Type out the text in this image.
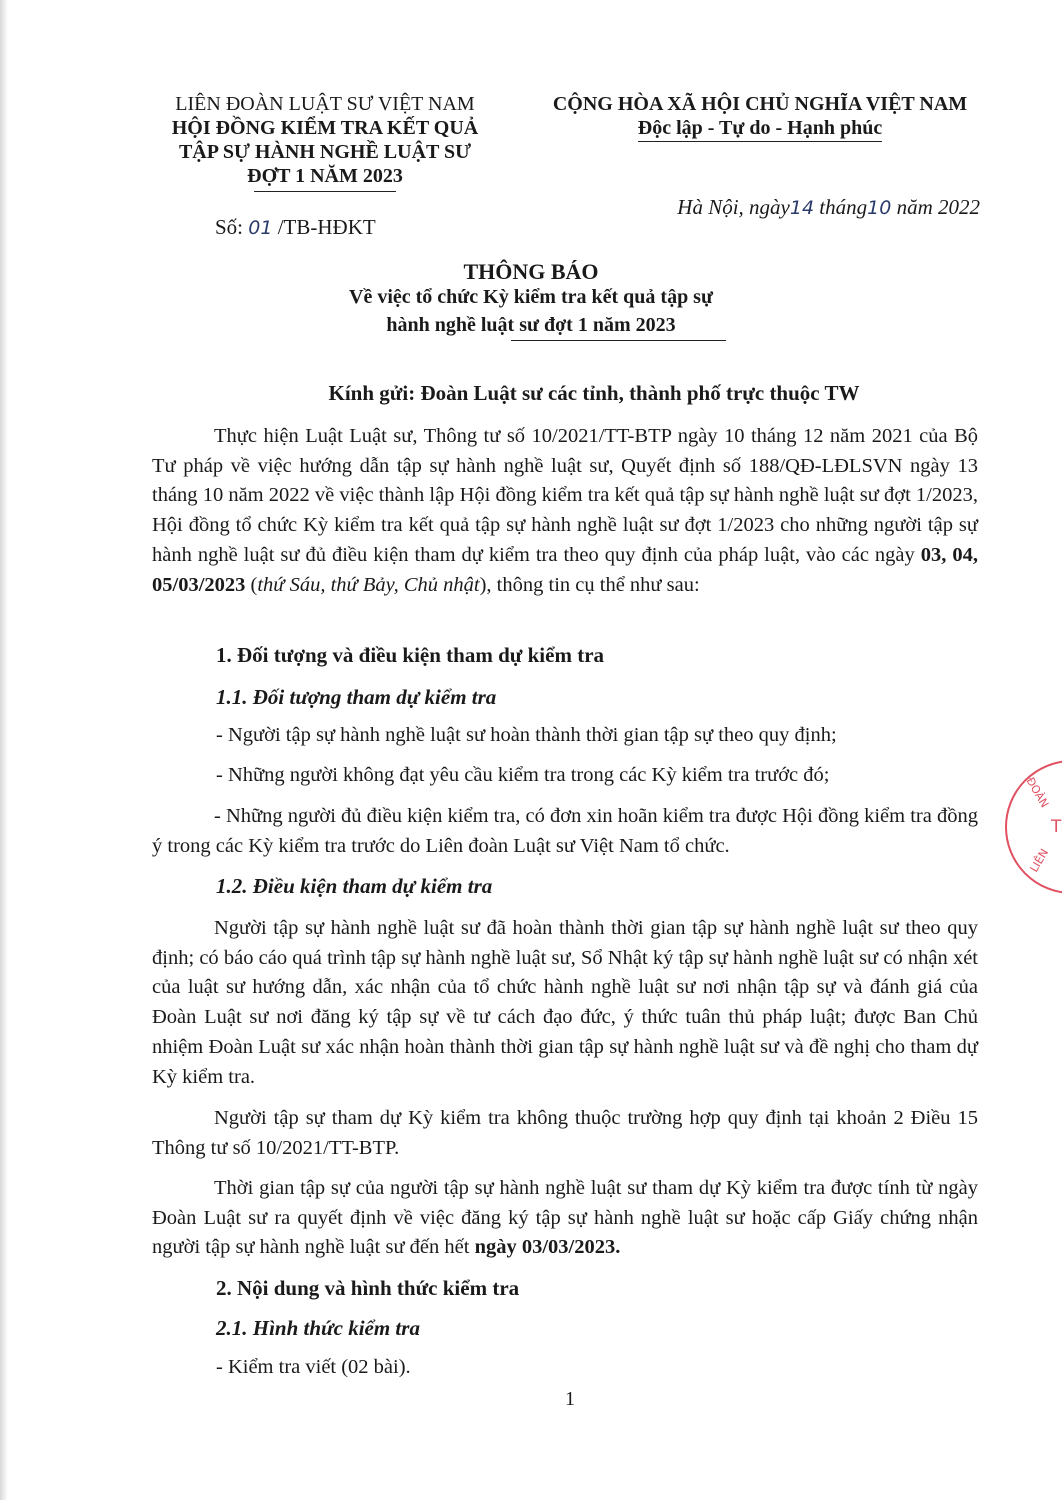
LIÊN ĐOÀN LUẬT SƯ VIỆT NAM
HỘI ĐỒNG KIỂM TRA KẾT QUẢ
TẬP SỰ HÀNH NGHỀ LUẬT SƯ
ĐỢT 1 NĂM 2023
CỘNG HÒA XÃ HỘI CHỦ NGHĨA VIỆT NAM
Độc lập - Tự do - Hạnh phúc
Hà Nội, ngày14 tháng10 năm 2022
Số: 01 /TB-HĐKT
THÔNG BÁO
Về việc tổ chức Kỳ kiểm tra kết quả tập sự
hành nghề luật sư đợt 1 năm 2023
Kính gửi: Đoàn Luật sư các tỉnh, thành phố trực thuộc TW

Thực hiện Luật Luật sư, Thông tư số 10/2021/TT-BTP ngày 10 tháng 12 năm 2021 của Bộ Tư pháp về việc hướng dẫn tập sự hành nghề luật sư, Quyết định số 188/QĐ-LĐLSVN ngày 13 tháng 10 năm 2022 về việc thành lập Hội đồng kiểm tra kết quả tập sự hành nghề luật sư đợt 1/2023, Hội đồng tổ chức Kỳ kiểm tra kết quả tập sự hành nghề luật sư đợt 1/2023 cho những người tập sự hành nghề luật sư đủ điều kiện tham dự kiểm tra theo quy định của pháp luật, vào các ngày 03, 04, 05/03/2023 (thứ Sáu, thứ Bảy, Chủ nhật), thông tin cụ thể như sau:

1. Đối tượng và điều kiện tham dự kiểm tra
1.1. Đối tượng tham dự kiểm tra
- Người tập sự hành nghề luật sư hoàn thành thời gian tập sự theo quy định;
- Những người không đạt yêu cầu kiểm tra trong các Kỳ kiểm tra trước đó;

- Những người đủ điều kiện kiểm tra, có đơn xin hoãn kiểm tra được Hội đồng kiểm tra đồng ý trong các Kỳ kiểm tra trước do Liên đoàn Luật sư Việt Nam tổ chức.

1.2. Điều kiện tham dự kiểm tra

Người tập sự hành nghề luật sư đã hoàn thành thời gian tập sự hành nghề luật sư theo quy định; có báo cáo quá trình tập sự hành nghề luật sư, Sổ Nhật ký tập sự hành nghề luật sư có nhận xét của luật sư hướng dẫn, xác nhận của tổ chức hành nghề luật sư nơi nhận tập sự và đánh giá của Đoàn Luật sư nơi đăng ký tập sự về tư cách đạo đức, ý thức tuân thủ pháp luật; được Ban Chủ nhiệm Đoàn Luật sư xác nhận hoàn thành thời gian tập sự hành nghề luật sư và đề nghị cho tham dự Kỳ kiểm tra.

Người tập sự tham dự Kỳ kiểm tra không thuộc trường hợp quy định tại khoản 2 Điều 15 Thông tư số 10/2021/TT-BTP.

Thời gian tập sự của người tập sự hành nghề luật sư tham dự Kỳ kiểm tra được tính từ ngày Đoàn Luật sư ra quyết định về việc đăng ký tập sự hành nghề luật sư hoặc cấp Giấy chứng nhận người tập sự hành nghề luật sư đến hết ngày 03/03/2023.

2. Nội dung và hình thức kiểm tra
2.1. Hình thức kiểm tra
- Kiểm tra viết (02 bài).
1
ĐOÀN
LIÊN
T
